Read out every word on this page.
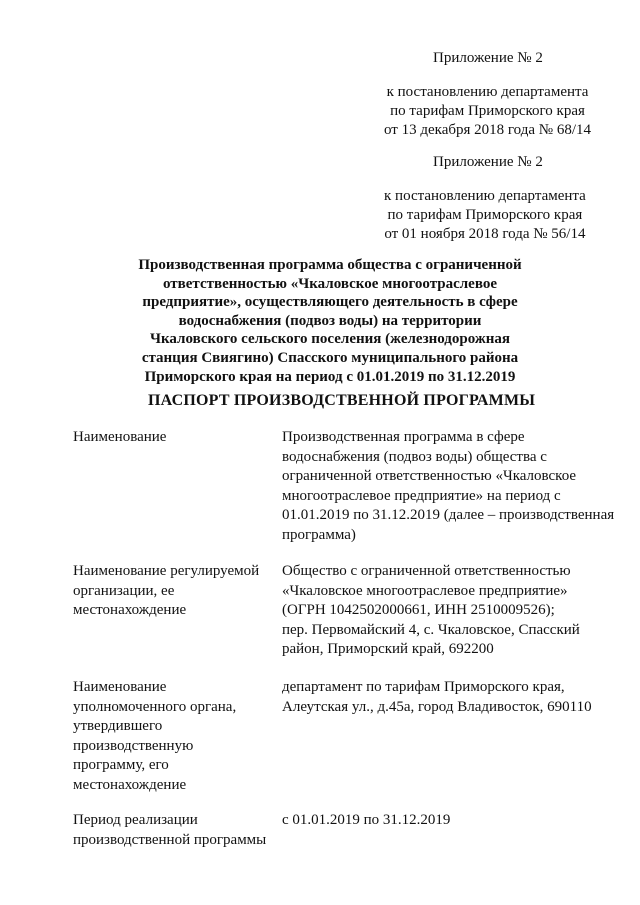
Приложение № 2
к постановлению департамента
по тарифам Приморского края
от 13 декабря 2018 года № 68/14
Приложение № 2
к постановлению департамента
по тарифам Приморского края
от 01 ноября 2018 года № 56/14
Производственная программа общества с ограниченной
ответственностью «Чкаловское многоотраслевое
предприятие», осуществляющего деятельность в сфере
водоснабжения (подвоз воды) на территории
Чкаловского сельского поселения (железнодорожная
станция Свиягино) Спасского муниципального района
Приморского края на период с 01.01.2019 по 31.12.2019
ПАСПОРТ ПРОИЗВОДСТВЕННОЙ ПРОГРАММЫ
Наименование	Производственная программа в сфере
водоснабжения (подвоз воды) общества с
ограниченной ответственностью «Чкаловское
многоотраслевое предприятие» на период с
01.01.2019 по 31.12.2019 (далее – производственная
программа)
Наименование регулируемой
организации, ее
местонахождение
Общество с ограниченной ответственностью
«Чкаловское многоотраслевое предприятие»
(ОГРН 1042502000661, ИНН 2510009526);
пер. Первомайский 4, с. Чкаловское, Спасский
район, Приморский край, 692200
Наименование
уполномоченного органа,
утвердившего
производственную
программу, его
местонахождение
департамент по тарифам Приморского края,
Алеутская ул., д.45а, город Владивосток, 690110
Период реализации
производственной программы
с 01.01.2019 по 31.12.2019
